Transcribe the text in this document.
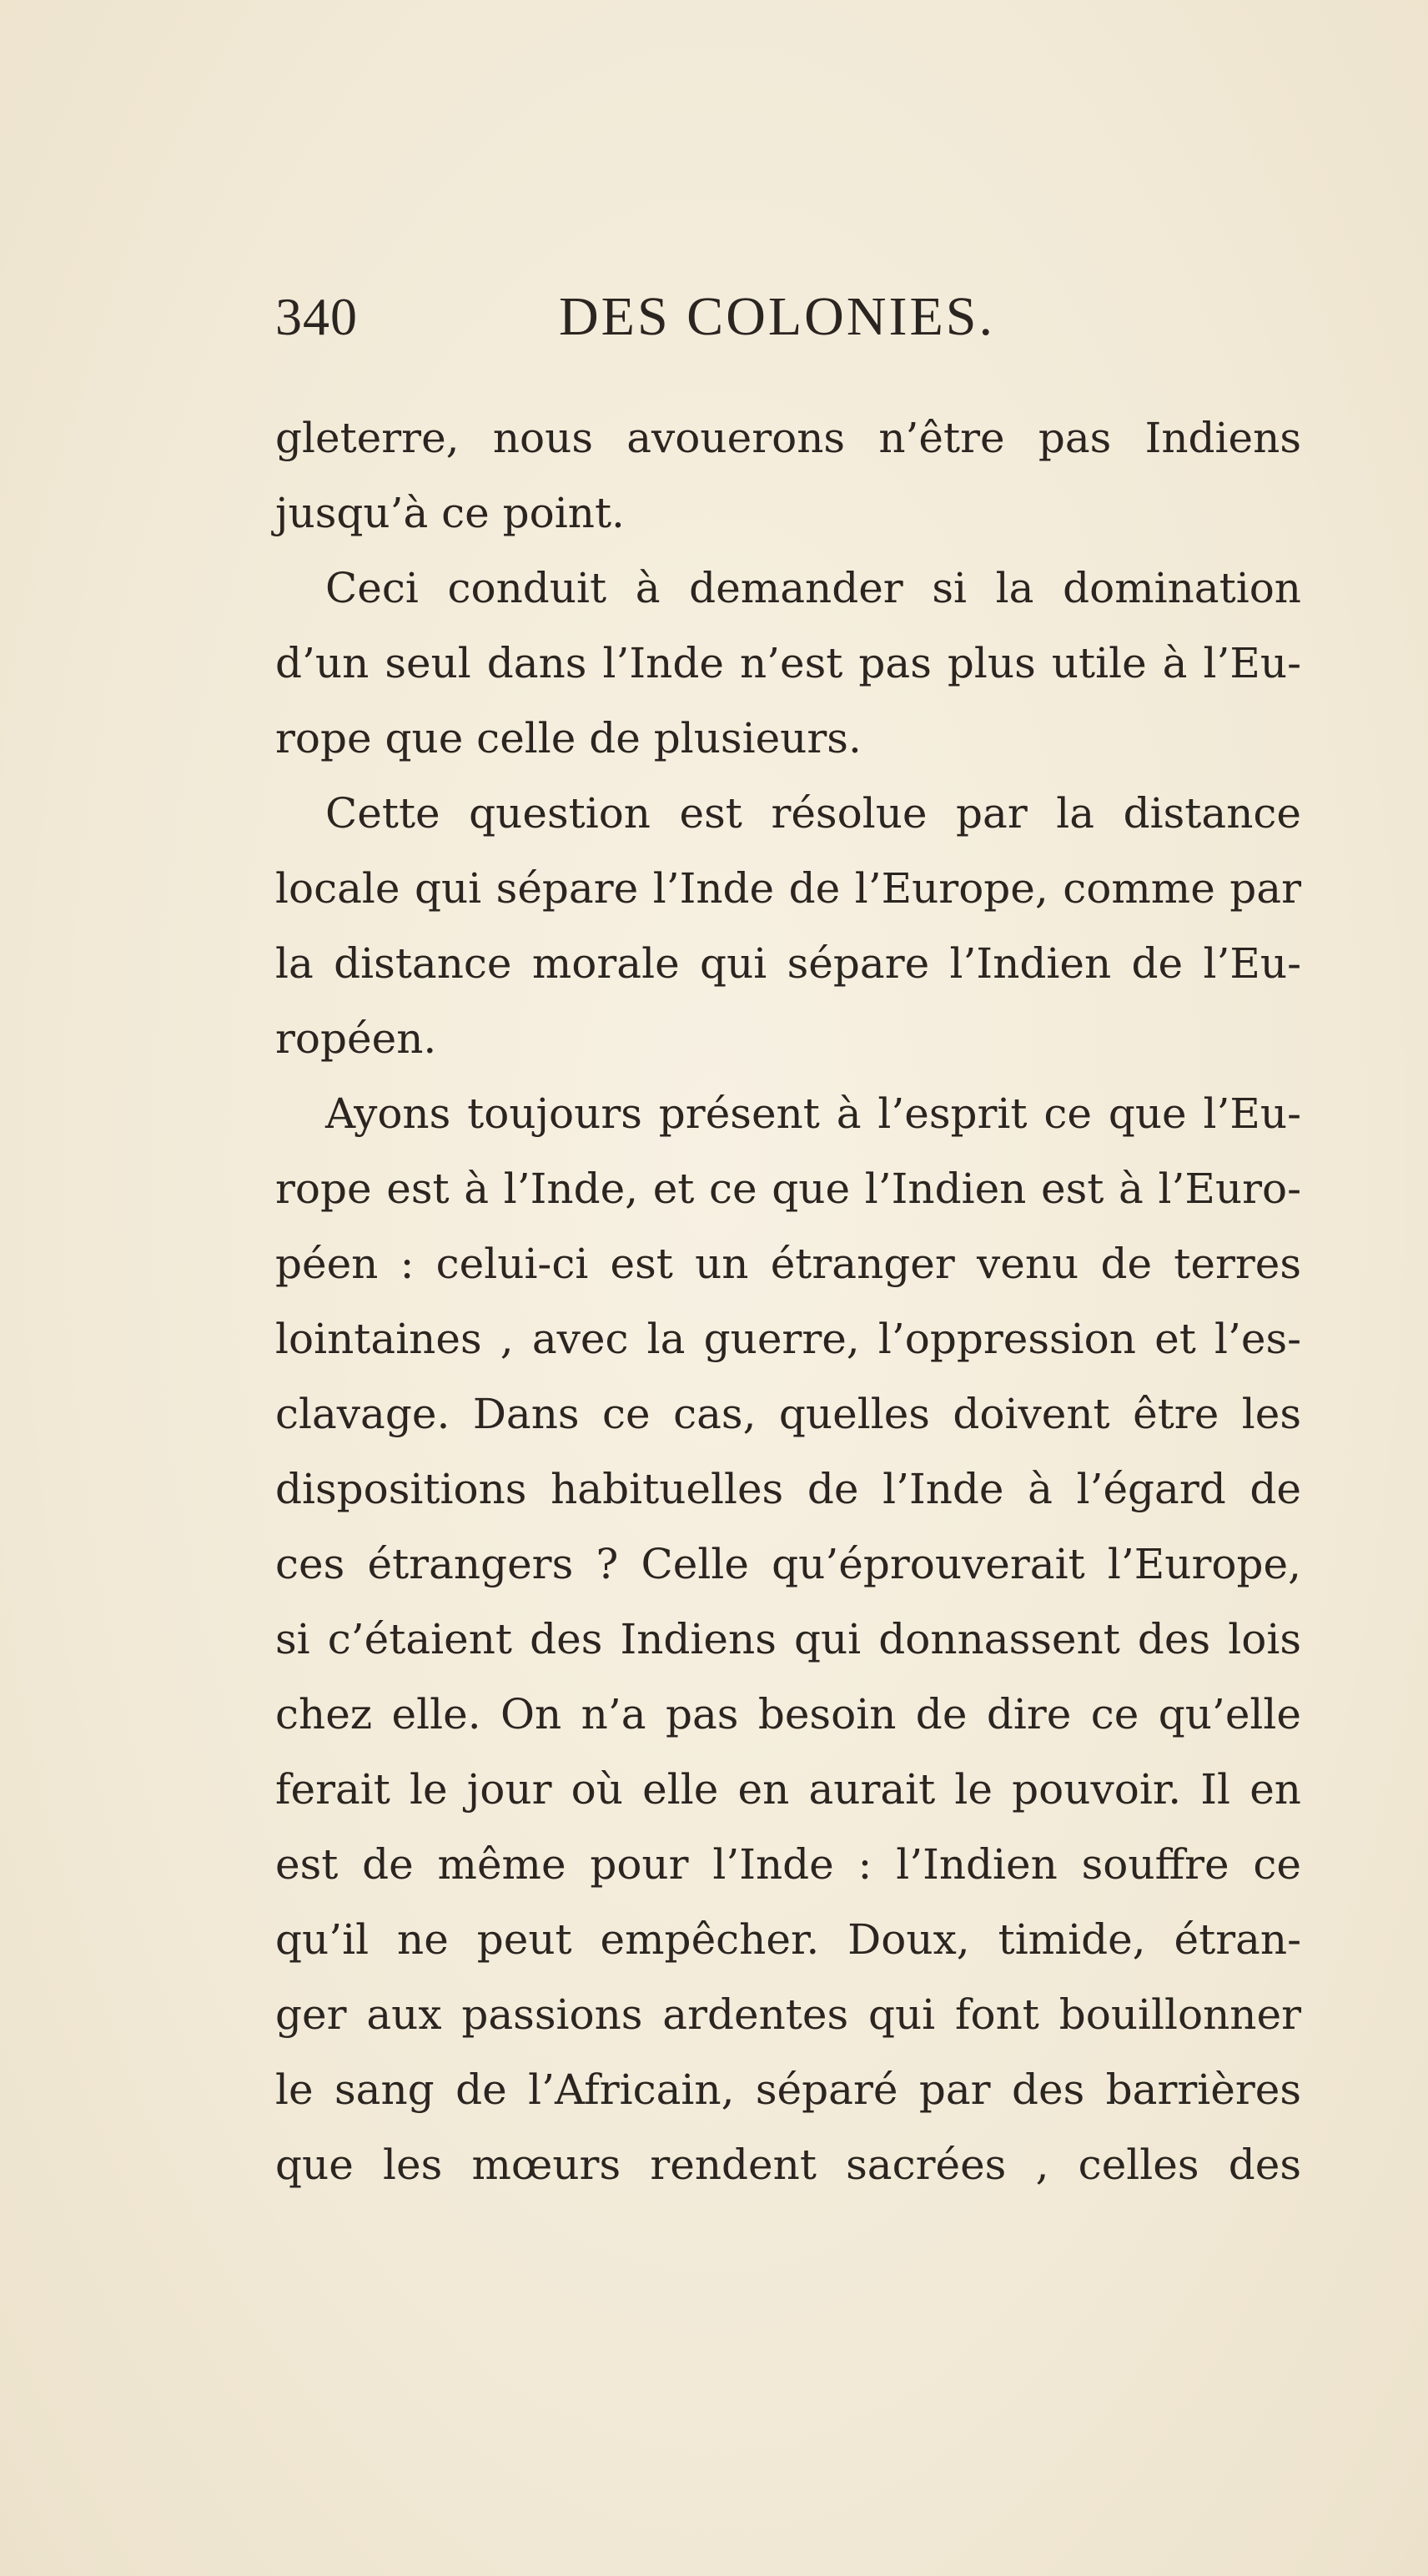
340	DES COLONIES.
gleterre, nous avouerons n’être pas Indiens
jusqu’à ce point.
Ceci conduit à demander si la domination
d’un seul dans l’Inde n’est pas plus utile à l’Eu-
rope que celle de plusieurs.
Cette question est résolue par la distance
locale qui sépare l’Inde de l’Europe, comme par
la distance morale qui sépare l’Indien de l’Eu-
ropéen.
Ayons toujours présent à l’esprit ce que l’Eu-
rope est à l’Inde, et ce que l’Indien est à l’Euro-
péen : celui-ci est un étranger venu de terres
lointaines , avec la guerre, l’oppression et l’es-
clavage. Dans ce cas, quelles doivent être les
dispositions habituelles de l’Inde à l’égard de
ces étrangers ? Celle qu’éprouverait l’Europe,
si c’étaient des Indiens qui donnassent des lois
chez elle. On n’a pas besoin de dire ce qu’elle
ferait le jour où elle en aurait le pouvoir. Il en
est de même pour l’Inde : l’Indien souffre ce
qu’il ne peut empêcher. Doux, timide, étran-
ger aux passions ardentes qui font bouillonner
le sang de l’Africain, séparé par des barrières
que les mœurs rendent sacrées , celles des
